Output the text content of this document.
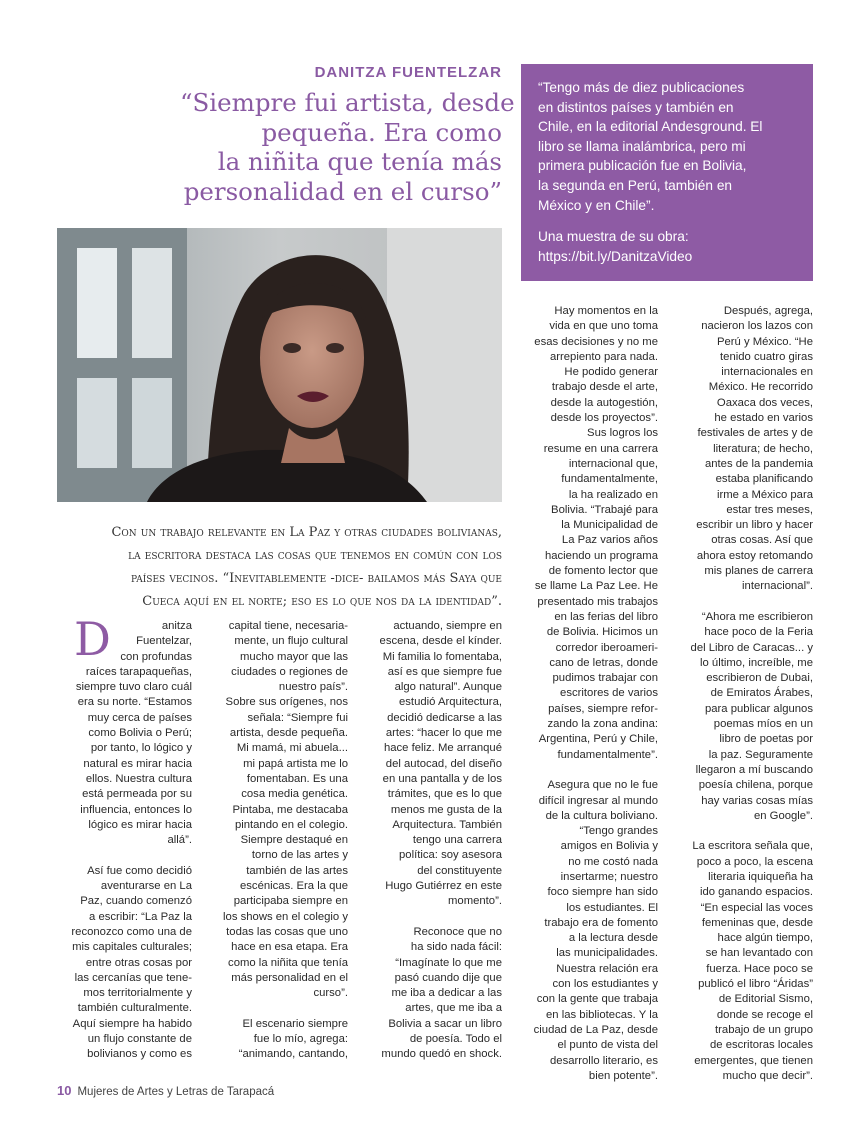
DANITZA FUENTELZAR
“Siempre fui artista, desde
pequeña. Era como
la niñita que tenía más
personalidad en el curso”
“Tengo más de diez publicaciones
en distintos países y también en
Chile, en la editorial Andesground. El
libro se llama inalámbrica, pero mi
primera publicación fue en Bolivia,
la segunda en Perú, también en
México y en Chile”.
Una muestra de su obra:
https://bit.ly/DanitzaVideo
Con un trabajo relevante en La Paz y otras ciudades bolivianas,
la escritora destaca las cosas que tenemos en común con los
países vecinos. “Inevitablemente -dice- bailamos más Saya que
Cueca aquí en el norte; eso es lo que nos da la identidad”.
D	anitza
Fuentelzar,
con profundas
raíces tarapaqueñas,
siempre tuvo claro cuál
era su norte. “Estamos
muy cerca de países
como Bolivia o Perú;
por tanto, lo lógico y
natural es mirar hacia
ellos. Nuestra cultura
está permeada por su
influencia, entonces lo
lógico es mirar hacia
allá”.
Así fue como decidió
aventurarse en La
Paz, cuando comenzó
a escribir: “La Paz la
reconozco como una de
mis capitales culturales;
entre otras cosas por
las cercanías que tene-
mos territorialmente y
también culturalmente.
Aquí siempre ha habido
un flujo constante de
bolivianos y como es
capital tiene, necesaria-
mente, un flujo cultural
mucho mayor que las
ciudades o regiones de
nuestro país”.
Sobre sus orígenes, nos
señala: “Siempre fui
artista, desde pequeña.
Mi mamá, mi abuela...
mi papá artista me lo
fomentaban. Es una
cosa media genética.
Pintaba, me destacaba
pintando en el colegio.
Siempre destaqué en
torno de las artes y
también de las artes
escénicas. Era la que
participaba siempre en
los shows en el colegio y
todas las cosas que uno
hace en esa etapa. Era
como la niñita que tenía
más personalidad en el
curso”.
El escenario siempre
fue lo mío, agrega:
“animando, cantando,
actuando, siempre en
escena, desde el kínder.
Mi familia lo fomentaba,
así es que siempre fue
algo natural”. Aunque
estudió Arquitectura,
decidió dedicarse a las
artes: “hacer lo que me
hace feliz. Me arranqué
del autocad, del diseño
en una pantalla y de los
trámites, que es lo que
menos me gusta de la
Arquitectura. También
tengo una carrera
política: soy asesora
del constituyente
Hugo Gutiérrez en este
momento”.
Reconoce que no
ha sido nada fácil:
“Imagínate lo que me
pasó cuando dije que
me iba a dedicar a las
artes, que me iba a
Bolivia a sacar un libro
de poesía. Todo el
mundo quedó en shock.
Hay momentos en la
vida en que uno toma
esas decisiones y no me
arrepiento para nada.
He podido generar
trabajo desde el arte,
desde la autogestión,
desde los proyectos”.
Sus logros los
resume en una carrera
internacional que,
fundamentalmente,
la ha realizado en
Bolivia. “Trabajé para
la Municipalidad de
La Paz varios años
haciendo un programa
de fomento lector que
se llame La Paz Lee. He
presentado mis trabajos
en las ferias del libro
de Bolivia. Hicimos un
corredor iberoameri-
cano de letras, donde
pudimos trabajar con
escritores de varios
países, siempre refor-
zando la zona andina:
Argentina, Perú y Chile,
fundamentalmente”.
Asegura que no le fue
difícil ingresar al mundo
de la cultura boliviano.
“Tengo grandes
amigos en Bolivia y
no me costó nada
insertarme; nuestro
foco siempre han sido
los estudiantes. El
trabajo era de fomento
a la lectura desde
las municipalidades.
Nuestra relación era
con los estudiantes y
con la gente que trabaja
en las bibliotecas. Y la
ciudad de La Paz, desde
el punto de vista del
desarrollo literario, es
bien potente”.
Después, agrega,
nacieron los lazos con
Perú y México. “He
tenido cuatro giras
internacionales en
México. He recorrido
Oaxaca dos veces,
he estado en varios
festivales de artes y de
literatura; de hecho,
antes de la pandemia
estaba planificando
irme a México para
estar tres meses,
escribir un libro y hacer
otras cosas. Así que
ahora estoy retomando
mis planes de carrera
internacional”.
“Ahora me escribieron
hace poco de la Feria
del Libro de Caracas... y
lo último, increíble, me
escribieron de Dubai,
de Emiratos Árabes,
para publicar algunos
poemas míos en un
libro de poetas por
la paz. Seguramente
llegaron a mí buscando
poesía chilena, porque
hay varias cosas mías
en Google”.
La escritora señala que,
poco a poco, la escena
literaria iquiqueña ha
ido ganando espacios.
“En especial las voces
femeninas que, desde
hace algún tiempo,
se han levantado con
fuerza. Hace poco se
publicó el libro “Áridas”
de Editorial Sismo,
donde se recoge el
trabajo de un grupo
de escritoras locales
emergentes, que tienen
mucho que decir”.
10 Mujeres de Artes y Letras de Tarapacá
